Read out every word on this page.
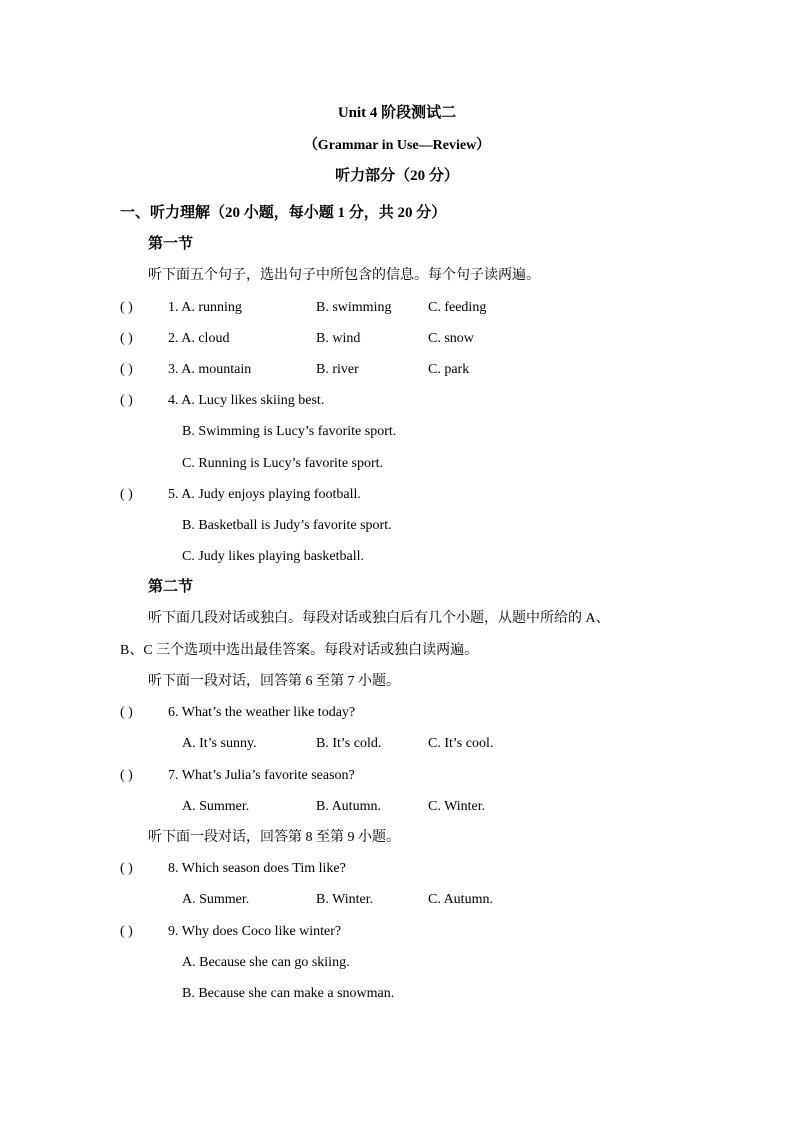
Unit 4 阶段测试二
（Grammar in Use—Review）
听力部分（20 分）
一、听力理解（20 小题，每小题 1 分，共 20 分）
第一节
听下面五个句子，选出句子中所包含的信息。每个句子读两遍。
( )	1. A. running	B. swimming	C. feeding
( )	2. A. cloud	B. wind	C. snow
( )	3. A. mountain	B. river	C. park
( )	4. A. Lucy likes skiing best.
B. Swimming is Lucy’s favorite sport.
C. Running is Lucy’s favorite sport.
( )	5. A. Judy enjoys playing football.
B. Basketball is Judy’s favorite sport.
C. Judy likes playing basketball.
第二节
听下面几段对话或独白。每段对话或独白后有几个小题，从题中所给的 A、
B、C 三个选项中选出最佳答案。每段对话或独白读两遍。
听下面一段对话，回答第 6 至第 7 小题。
( )	6. What’s the weather like today?
A. It’s sunny.	B. It’s cold.	C. It’s cool.
( )	7. What’s Julia’s favorite season?
A. Summer.	B. Autumn.	C. Winter.
听下面一段对话，回答第 8 至第 9 小题。
( )	8. Which season does Tim like?
A. Summer.	B. Winter.	C. Autumn.
( )	9. Why does Coco like winter?
A. Because she can go skiing.
B. Because she can make a snowman.
